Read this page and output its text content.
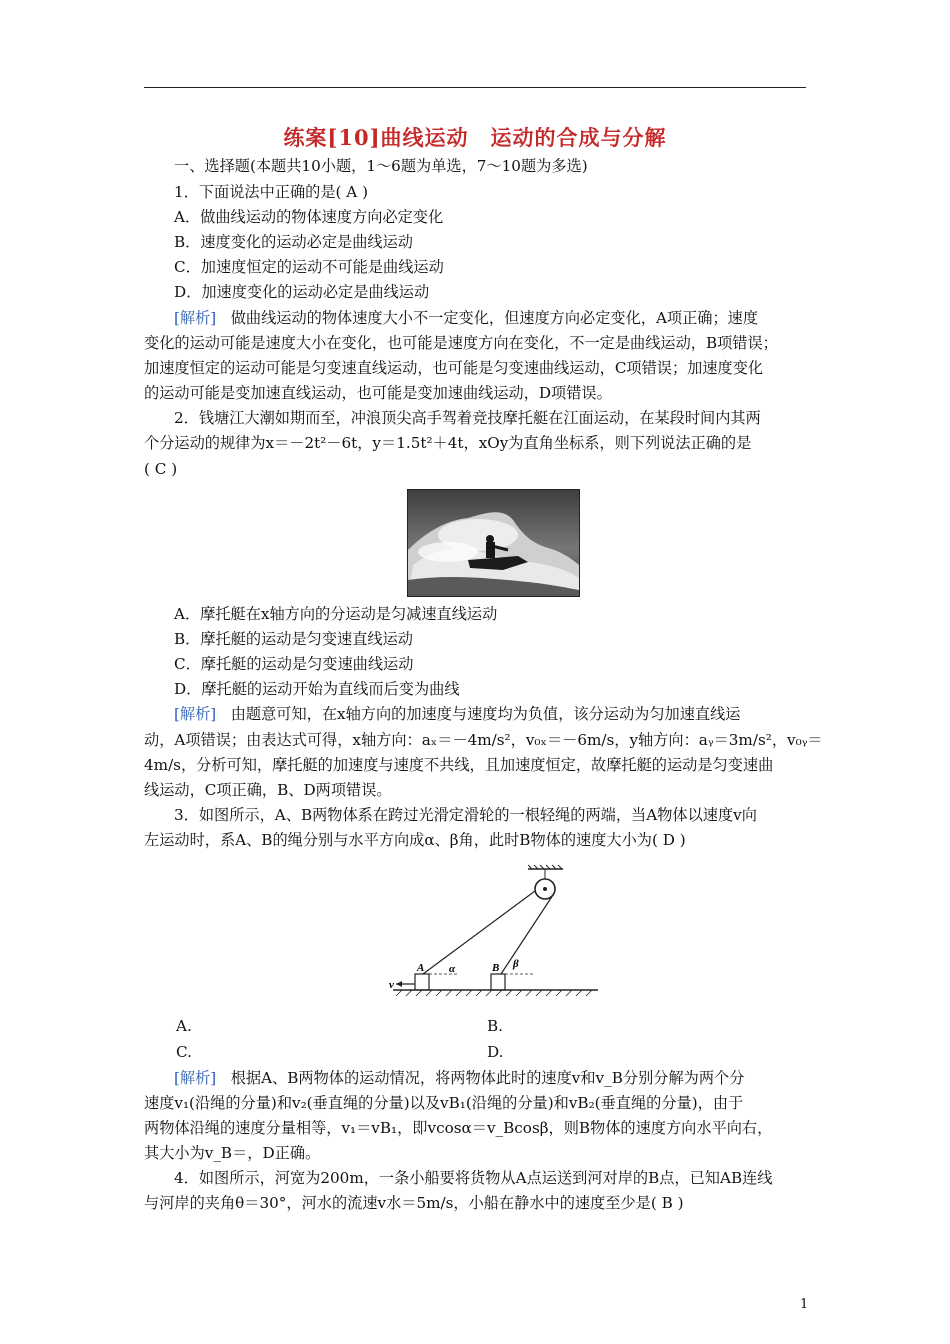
练案[10]曲线运动 运动的合成与分解
一、选择题(本题共10小题，1～6题为单选，7～10题为多选)
1．下面说法中正确的是( A )
A．做曲线运动的物体速度方向必定变化
B．速度变化的运动必定是曲线运动
C．加速度恒定的运动不可能是曲线运动
D．加速度变化的运动必定是曲线运动
[解析] 做曲线运动的物体速度大小不一定变化，但速度方向必定变化，A项正确；速度
变化的运动可能是速度大小在变化，也可能是速度方向在变化，不一定是曲线运动，B项错误；
加速度恒定的运动可能是匀变速直线运动，也可能是匀变速曲线运动，C项错误；加速度变化
的运动可能是变加速直线运动，也可能是变加速曲线运动，D项错误。
2．钱塘江大潮如期而至，冲浪顶尖高手驾着竞技摩托艇在江面运动，在某段时间内其两
个分运动的规律为x＝－2t²－6t，y＝1.5t²＋4t，xOy为直角坐标系，则下列说法正确的是
( C )
A．摩托艇在x轴方向的分运动是匀减速直线运动
B．摩托艇的运动是匀变速直线运动
C．摩托艇的运动是匀变速曲线运动
D．摩托艇的运动开始为直线而后变为曲线
[解析] 由题意可知，在x轴方向的加速度与速度均为负值，该分运动为匀加速直线运
动，A项错误；由表达式可得，x轴方向：aₓ＝－4m/s²，v₀ₓ＝－6m/s，y轴方向：aᵧ＝3m/s²，v₀ᵧ＝
4m/s，分析可知，摩托艇的加速度与速度不共线，且加速度恒定，故摩托艇的运动是匀变速曲
线运动，C项正确，B、D两项错误。
3．如图所示，A、B两物体系在跨过光滑定滑轮的一根轻绳的两端，当A物体以速度v向
左运动时，系A、B的绳分别与水平方向成α、β角，此时B物体的速度大小为( D )
A	B
α	β
v
A.	B.
C.	D.
[解析] 根据A、B两物体的运动情况，将两物体此时的速度v和v_B分别分解为两个分
速度v₁(沿绳的分量)和v₂(垂直绳的分量)以及vB₁(沿绳的分量)和vB₂(垂直绳的分量)，由于
两物体沿绳的速度分量相等，v₁＝vB₁，即vcosα＝v_Bcosβ，则B物体的速度方向水平向右，
其大小为v_B＝，D正确。
4．如图所示，河宽为200m，一条小船要将货物从A点运送到河对岸的B点，已知AB连线
与河岸的夹角θ＝30°，河水的流速v水＝5m/s，小船在静水中的速度至少是( B )
1
